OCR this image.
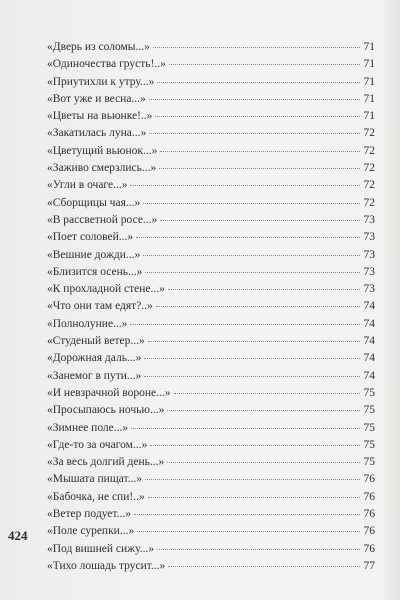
«Дверь из соломы...»	71
«Одиночества грусть!..»	71
«Приутихли к утру...»	71
«Вот уже и весна...»	71
«Цветы на вьюнке!..»	71
«Закатилась луна...»	72
«Цветущий вьюнок...»	72
«Заживо смерзлись...»	72
«Угли в очаге...»	72
«Сборщицы чая...»	72
«В рассветной росе...»	73
«Поет соловей...»	73
«Вешние дожди...»	73
«Близится осень...»	73
«К прохладной стене...»	73
«Что они там едят?..»	74
«Полнолуние...»	74
«Студеный ветер...»	74
«Дорожная даль...»	74
«Занемог в пути...»	74
«И невзрачной вороне...»	75
«Просыпаюсь ночью...»	75
«Зимнее поле...»	75
«Где-то за очагом...»	75
«За весь долгий день...»	75
«Мышата пищат...»	76
«Бабочка, не спи!..»	76
«Ветер подует...»	76
«Поле сурепки...»	76
«Под вишней сижу...»	76
«Тихо лошадь трусит...»	77
424
